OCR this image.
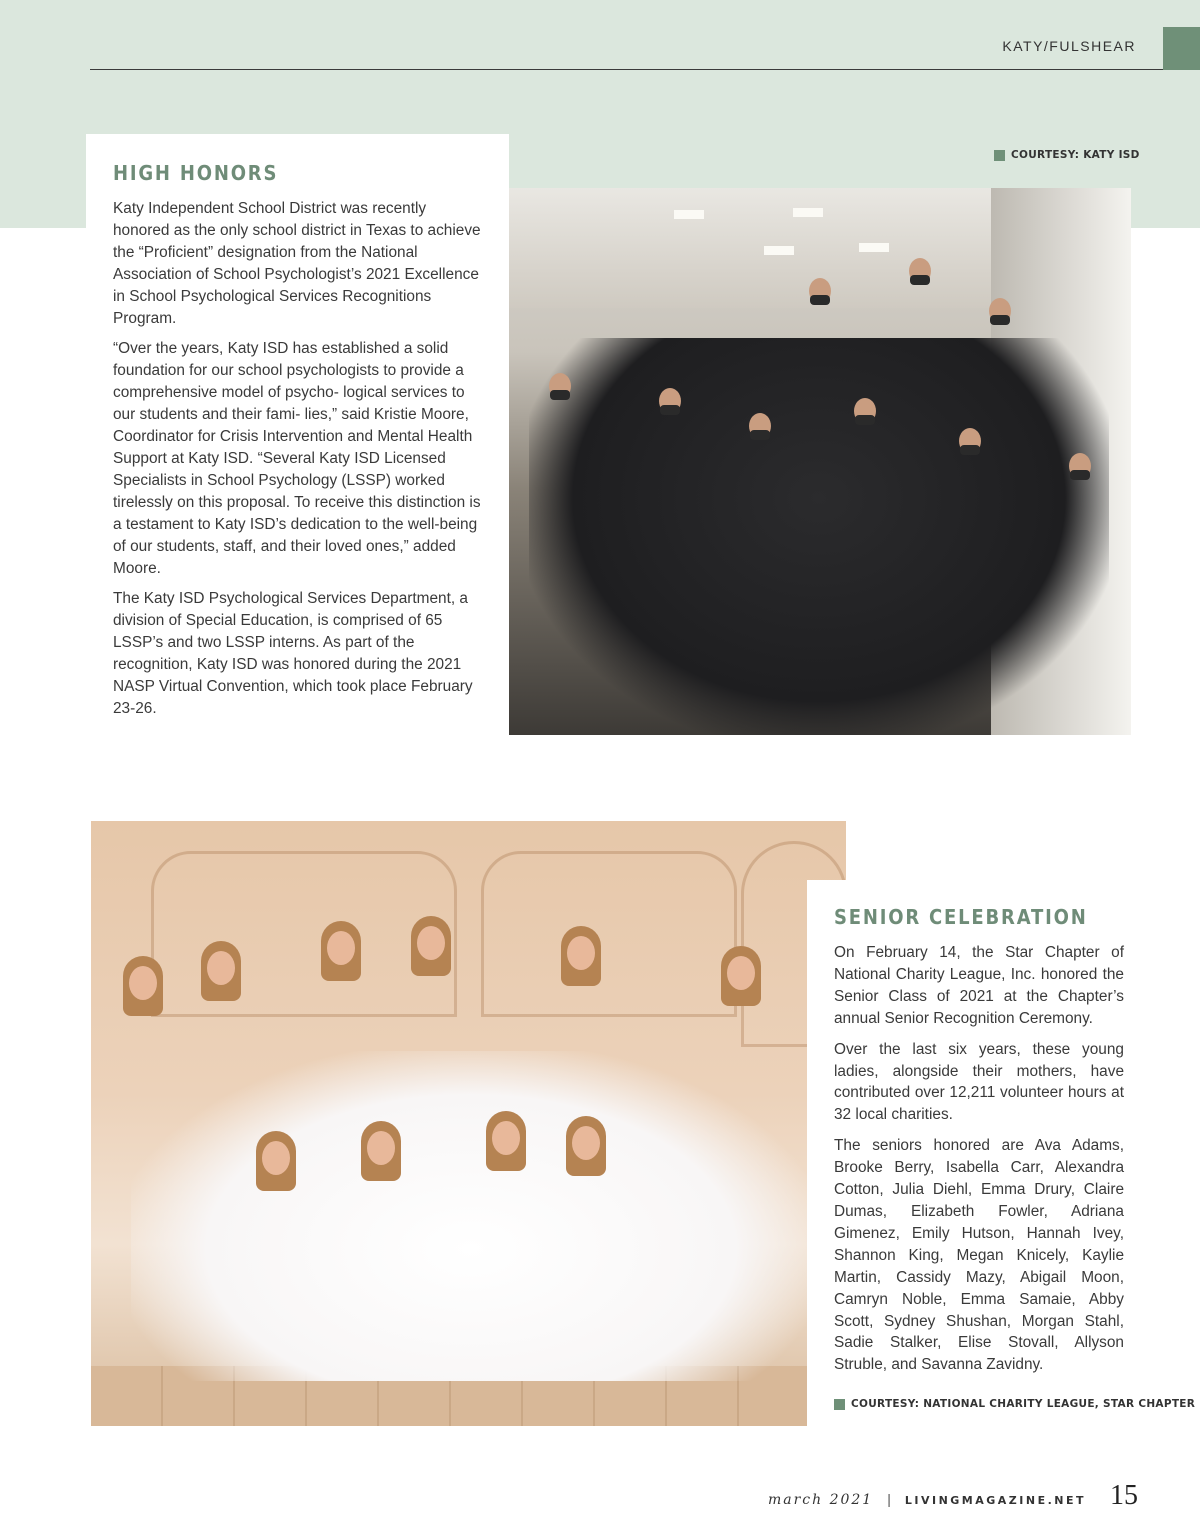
KATY/FULSHEAR
HIGH HONORS

Katy Independent School District was recently honored as the only school district in Texas to achieve the “Proficient” designation from the National Association of School Psychologist’s 2021 Excellence in School Psychological Services Recognitions Program.

“Over the years, Katy ISD has established a solid foundation for our school psychologists to provide a comprehensive model of psycho- logical services to our students and their fami- lies,” said Kristie Moore, Coordinator for Crisis Intervention and Mental Health Support at Katy ISD. “Several Katy ISD Licensed Specialists in School Psychology (LSSP) worked tirelessly on this proposal. To receive this distinction is a testament to Katy ISD’s dedication to the well-being of our students, staff, and their loved ones,” added Moore.

The Katy ISD Psychological Services Department, a division of Special Education, is comprised of 65 LSSP’s and two LSSP interns. As part of the recognition, Katy ISD was honored during the 2021 NASP Virtual Convention, which took place February 23-26.

COURTESY: KATY ISD
SENIOR CELEBRATION

On February 14, the Star Chapter of National Charity League, Inc. honored the Senior Class of 2021 at the Chapter’s annual Senior Recognition Ceremony.

Over the last six years, these young ladies, alongside their mothers, have contributed over 12,211 volunteer hours at 32 local charities.

The seniors honored are Ava Adams, Brooke Berry, Isabella Carr, Alexandra Cotton, Julia Diehl, Emma Drury, Claire Dumas, Elizabeth Fowler, Adriana Gimenez, Emily Hutson, Hannah Ivey, Shannon King, Megan Knicely, Kaylie Martin, Cassidy Mazy, Abigail Moon, Camryn Noble, Emma Samaie, Abby Scott, Sydney Shushan, Morgan Stahl, Sadie Stalker, Elise Stovall, Allyson Struble, and Savanna Zavidny.

COURTESY: NATIONAL CHARITY LEAGUE, STAR CHAPTER
march 2021 | LIVINGMAGAZINE.NET 15
